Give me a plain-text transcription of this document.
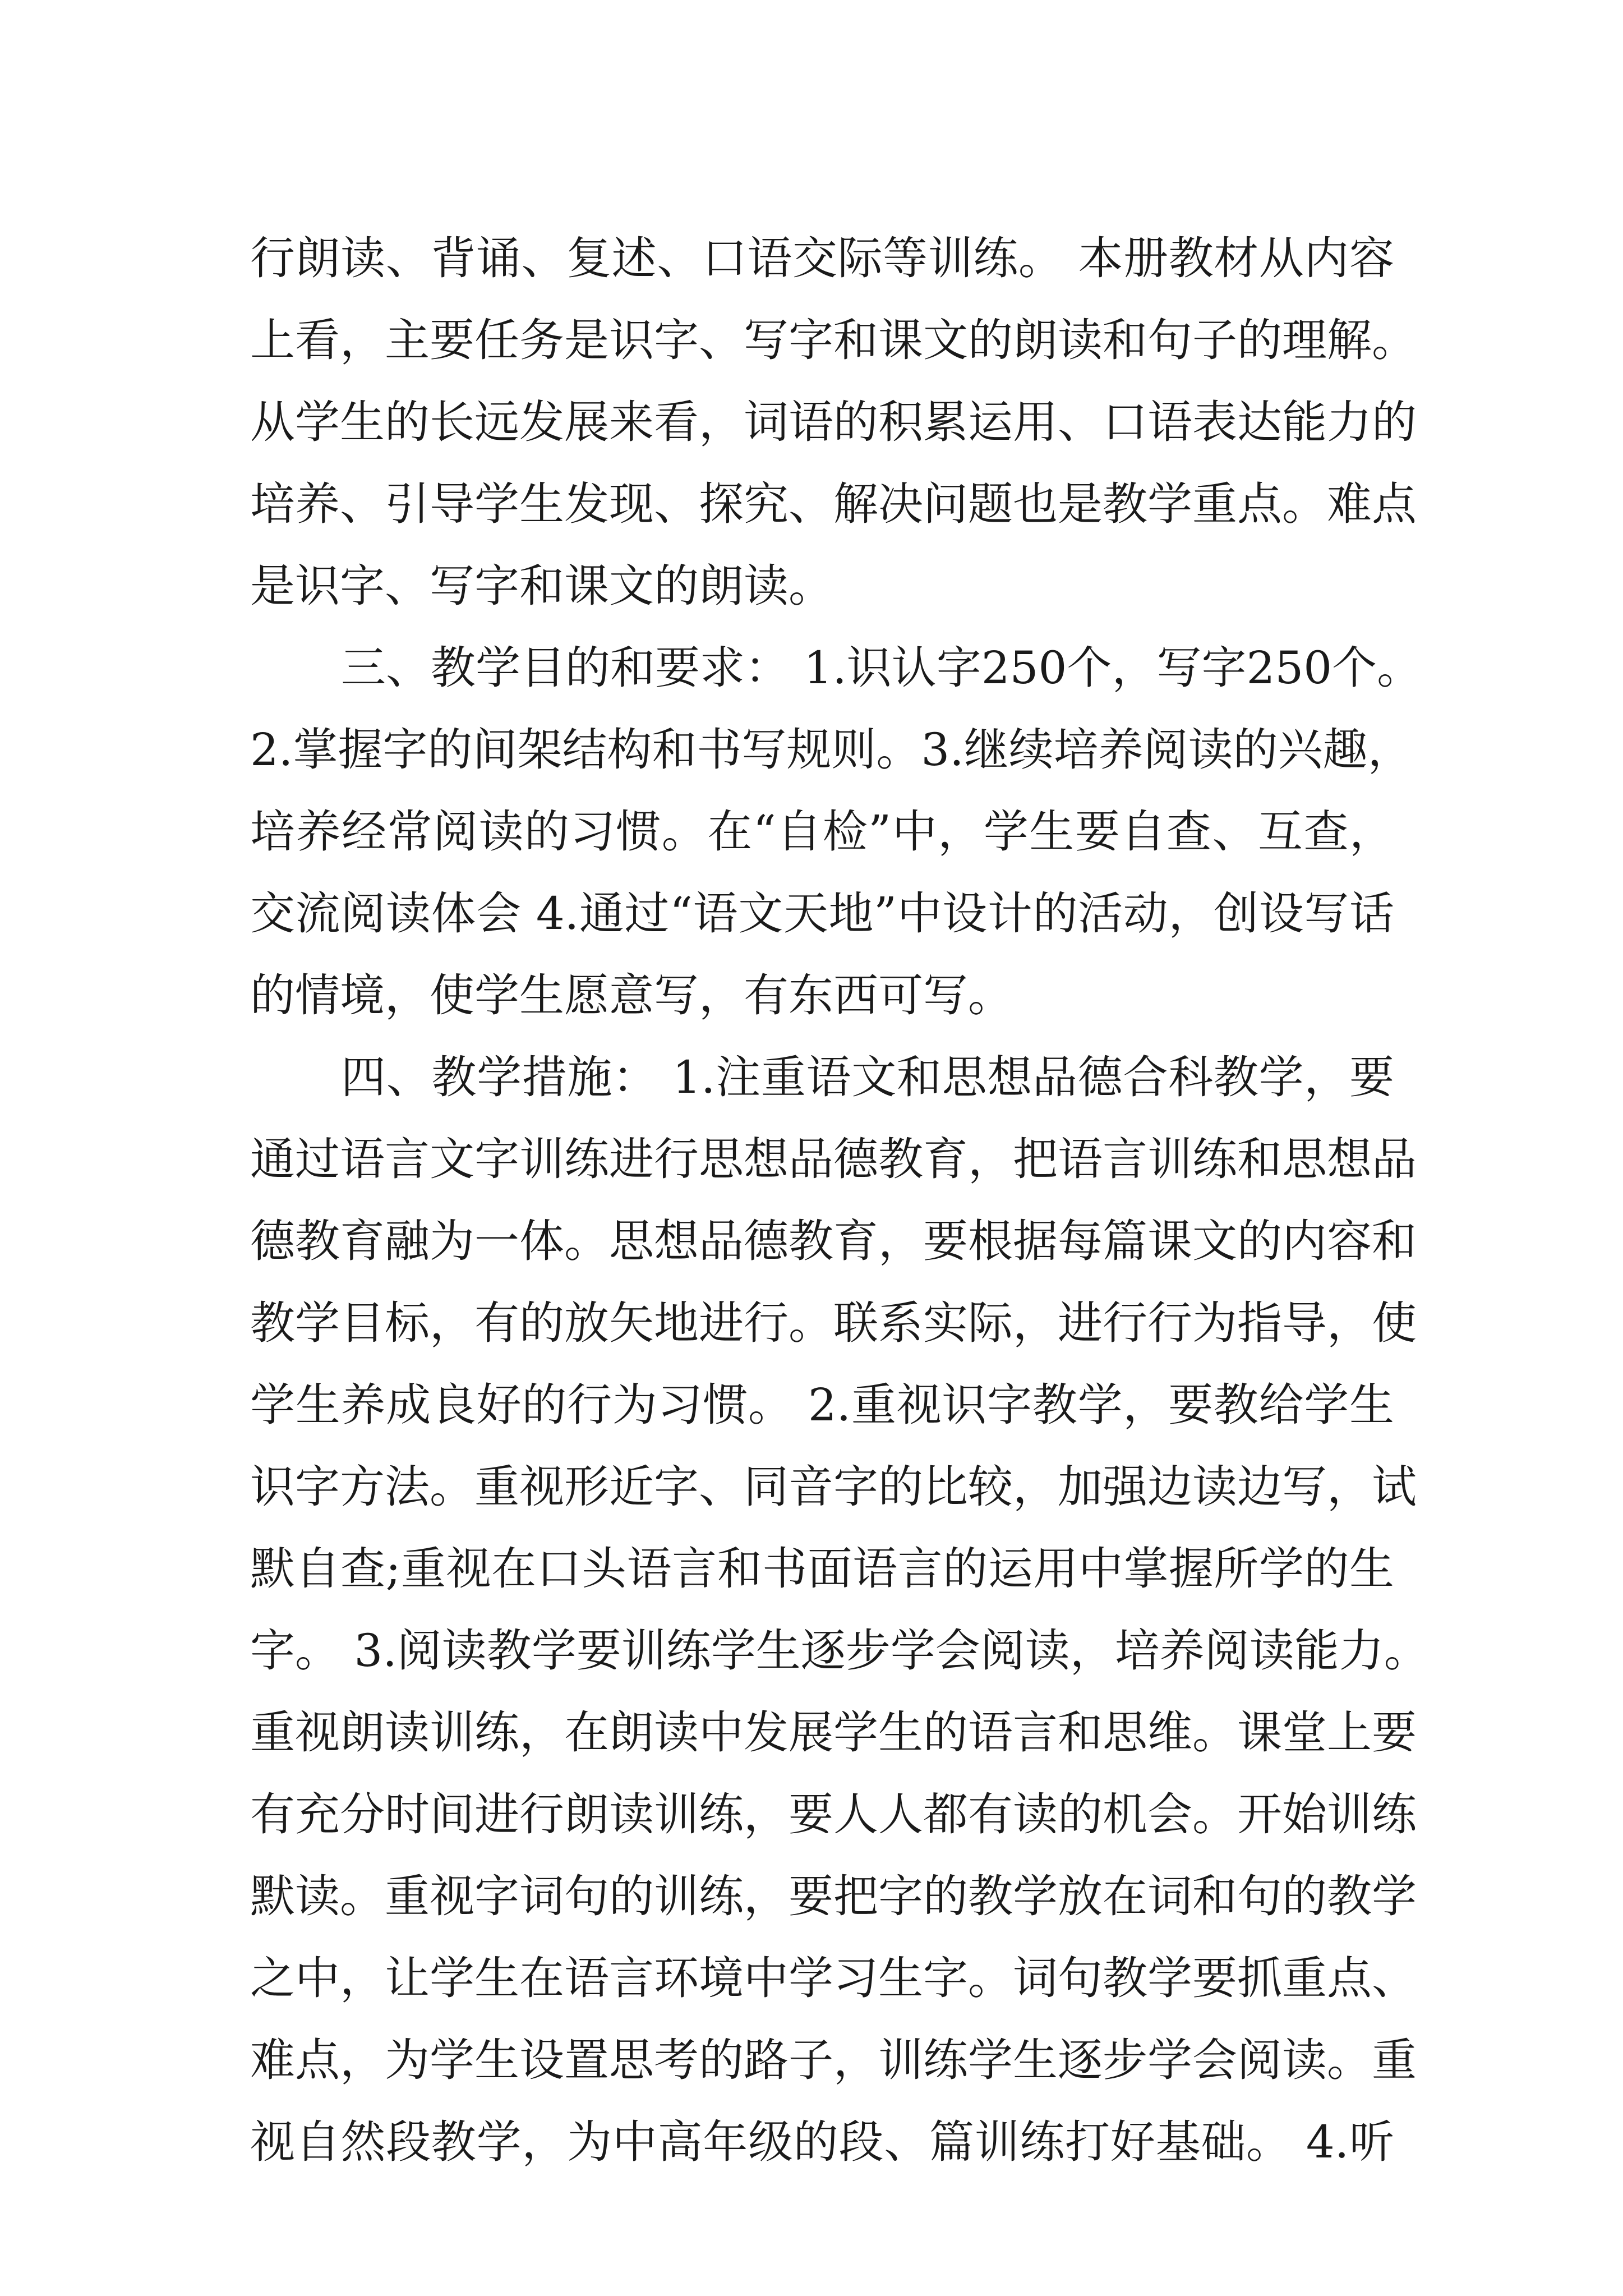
行朗读、背诵、复述、口语交际等训练。 本册教材从内容
上看，主要任务是识字、写字和课文的朗读和句子的理解。
从学生的长远发展来看，词语的积累运用、口语表达能力的
培养、引导学生发现、探究、解决问题也是教学重点。难点
是识字、写字和课文的朗读。
三、教学目的和要求： 1.识认字250个，写字250个。
2.掌握字的间架结构和书写规则。3.继续培养阅读的兴趣，
培养经常阅读的习惯。在“自检”中，学生要自查、互查，
交流阅读体会 4.通过“语文天地”中设计的活动，创设写话
的情境，使学生愿意写，有东西可写。
四、教学措施： 1.注重语文和思想品德合科教学，要
通过语言文字训练进行思想品德教育，把语言训练和思想品
德教育融为一体。思想品德教育，要根据每篇课文的内容和
教学目标，有的放矢地进行。联系实际，进行行为指导，使
学生养成良好的行为习惯。 2.重视识字教学，要教给学生
识字方法。重视形近字、同音字的比较，加强边读边写，试
默自查;重视在口头语言和书面语言的运用中掌握所学的生
字。 3.阅读教学要训练学生逐步学会阅读，培养阅读能力。
重视朗读训练，在朗读中发展学生的语言和思维。课堂上要
有充分时间进行朗读训练，要人人都有读的机会。开始训练
默读。重视字词句的训练，要把字的教学放在词和句的教学
之中，让学生在语言环境中学习生字。词句教学要抓重点、
难点，为学生设置思考的路子，训练学生逐步学会阅读。重
视自然段教学，为中高年级的段、篇训练打好基础。 4.听
